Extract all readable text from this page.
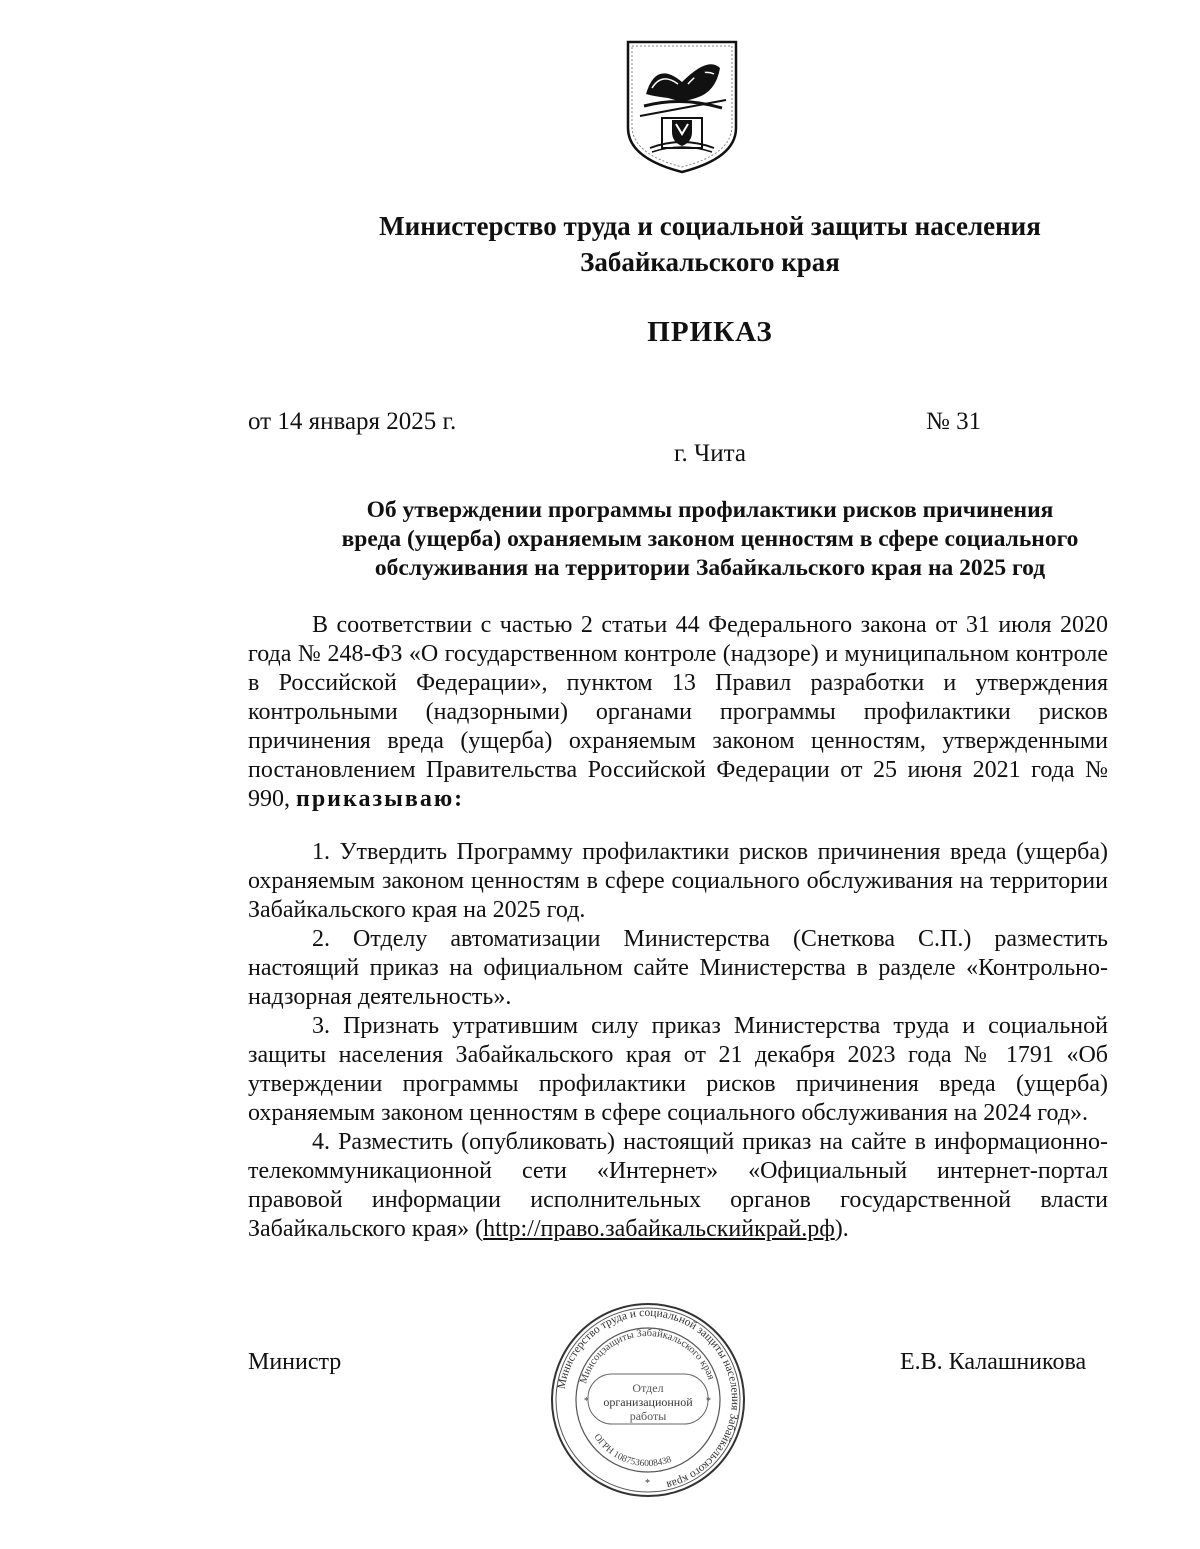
Министерство труда и социальной защиты населения
Забайкальского края
ПРИКАЗ
от 14 января 2025 г.	№ 31
г. Чита
Об утверждении программы профилактики рисков причинения
вреда (ущерба) охраняемым законом ценностям в сфере социального
обслуживания на территории Забайкальского края на 2025 год

В соответствии с частью 2 статьи 44 Федерального закона от 31 июля 2020 года № 248-ФЗ «О государственном контроле (надзоре) и муниципальном контроле в Российской Федерации», пунктом 13 Правил разработки и утверждения контрольными (надзорными) органами программы профилактики рисков причинения вреда (ущерба) охраняемым законом ценностям, утвержденными постановлением Правительства Российской Федерации от 25 июня 2021 года № 990, приказываю:

1. Утвердить Программу профилактики рисков причинения вреда (ущерба) охраняемым законом ценностям в сфере социального обслуживания на территории Забайкальского края на 2025 год.

2. Отделу автоматизации Министерства (Снеткова С.П.) разместить настоящий приказ на официальном сайте Министерства в разделе «Контрольно-надзорная деятельность».

3. Признать утратившим силу приказ Министерства труда и социальной защиты населения Забайкальского края от 21 декабря 2023 года № 1791 «Об утверждении программы профилактики рисков причинения вреда (ущерба) охраняемым законом ценностям в сфере социального обслуживания на 2024 год».

4. Разместить (опубликовать) настоящий приказ на сайте в информационно-телекоммуникационной сети «Интернет» «Официальный интернет-портал правовой информации исполнительных органов государственной власти Забайкальского края» (http://право.забайкальскийкрай.рф).

Министр	Е.В. Калашникова
Министерство труда и социальной защиты населения Забайкальского края
Минсоцзащиты Забайкальского края
ОГРН 1087536008438
*	*
*
Отдел
организационной
работы
